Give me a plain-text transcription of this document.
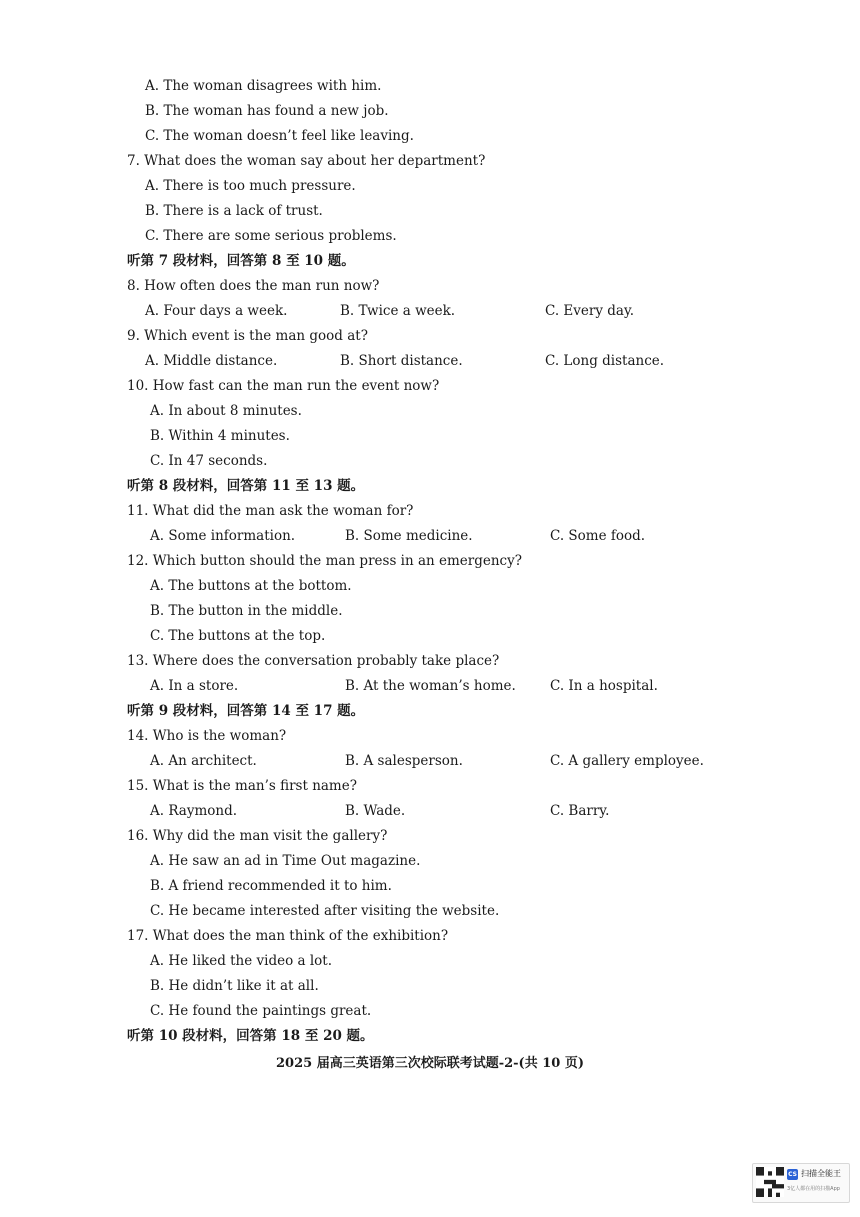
A. The woman disagrees with him.
B. The woman has found a new job.
C. The woman doesn’t feel like leaving.
7. What does the woman say about her department?
A. There is too much pressure.
B. There is a lack of trust.
C. There are some serious problems.
听第 7 段材料，回答第 8 至 10 题。
8. How often does the man run now?
A. Four days a week.	B. Twice a week.	C. Every day.
9. Which event is the man good at?
A. Middle distance.	B. Short distance.	C. Long distance.
10. How fast can the man run the event now?
A. In about 8 minutes.
B. Within 4 minutes.
C. In 47 seconds.
听第 8 段材料，回答第 11 至 13 题。
11. What did the man ask the woman for?
A. Some information.	B. Some medicine.	C. Some food.
12. Which button should the man press in an emergency?
A. The buttons at the bottom.
B. The button in the middle.
C. The buttons at the top.
13. Where does the conversation probably take place?
A. In a store.	B. At the woman’s home.	C. In a hospital.
听第 9 段材料，回答第 14 至 17 题。
14. Who is the woman?
A. An architect.	B. A salesperson.	C. A gallery employee.
15. What is the man’s first name?
A. Raymond.	B. Wade.	C. Barry.
16. Why did the man visit the gallery?
A. He saw an ad in Time Out magazine.
B. A friend recommended it to him.
C. He became interested after visiting the website.
17. What does the man think of the exhibition?
A. He liked the video a lot.
B. He didn’t like it at all.
C. He found the paintings great.
听第 10 段材料，回答第 18 至 20 题。
2025 届高三英语第三次校际联考试题-2-(共 10 页)
CS 扫描全能王
3亿人都在用的扫描App
